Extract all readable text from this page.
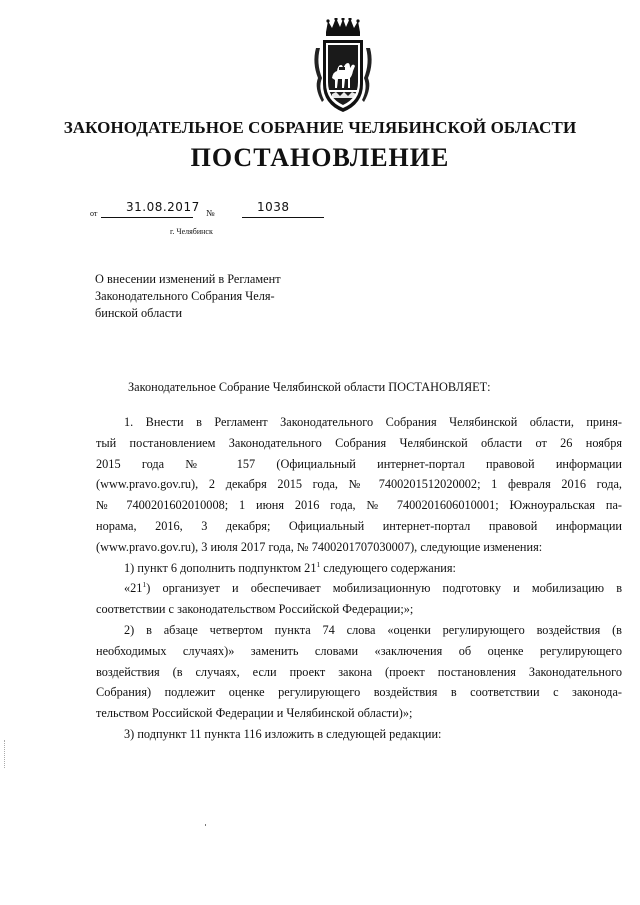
ЗАКОНОДАТЕЛЬНОЕ СОБРАНИЕ ЧЕЛЯБИНСКОЙ ОБЛАСТИ
ПОСТАНОВЛЕНИЕ
от 31.08.2017 №	1038
г. Челябинск
О внесении изменений в Регламент
Законодательного Собрания Челя-
бинской области
Законодательное Собрание Челябинской области ПОСТАНОВЛЯЕТ:

1. Внести в Регламент Законодательного Собрания Челябинской области, приня-

тый постановлением Законодательного Собрания Челябинской области от 26 ноября

2015 года № 157 (Официальный интернет-портал правовой информации

(www.pravo.gov.ru), 2 декабря 2015 года, № 7400201512020002; 1 февраля 2016 года,

№ 7400201602010008; 1 июня 2016 года, № 7400201606010001; Южноуральская па-

норама, 2016, 3 декабря; Официальный интернет-портал правовой информации

(www.pravo.gov.ru), 3 июля 2017 года, № 7400201707030007), следующие изменения:

1) пункт 6 дополнить подпунктом $21^1$ следующего содержания:

«$21^1$) организует и обеспечивает мобилизационную подготовку и мобилизацию в

соответствии с законодательством Российской Федерации;»;

2) в абзаце четвертом пункта 74 слова «оценки регулирующего воздействия (в

необходимых случаях)» заменить словами «заключения об оценке регулирующего

воздействия (в случаях, если проект закона (проект постановления Законодательного

Собрания) подлежит оценке регулирующего воздействия в соответствии с законода-

тельством Российской Федерации и Челябинской области)»;

3) подпункт 11 пункта 116 изложить в следующей редакции:
